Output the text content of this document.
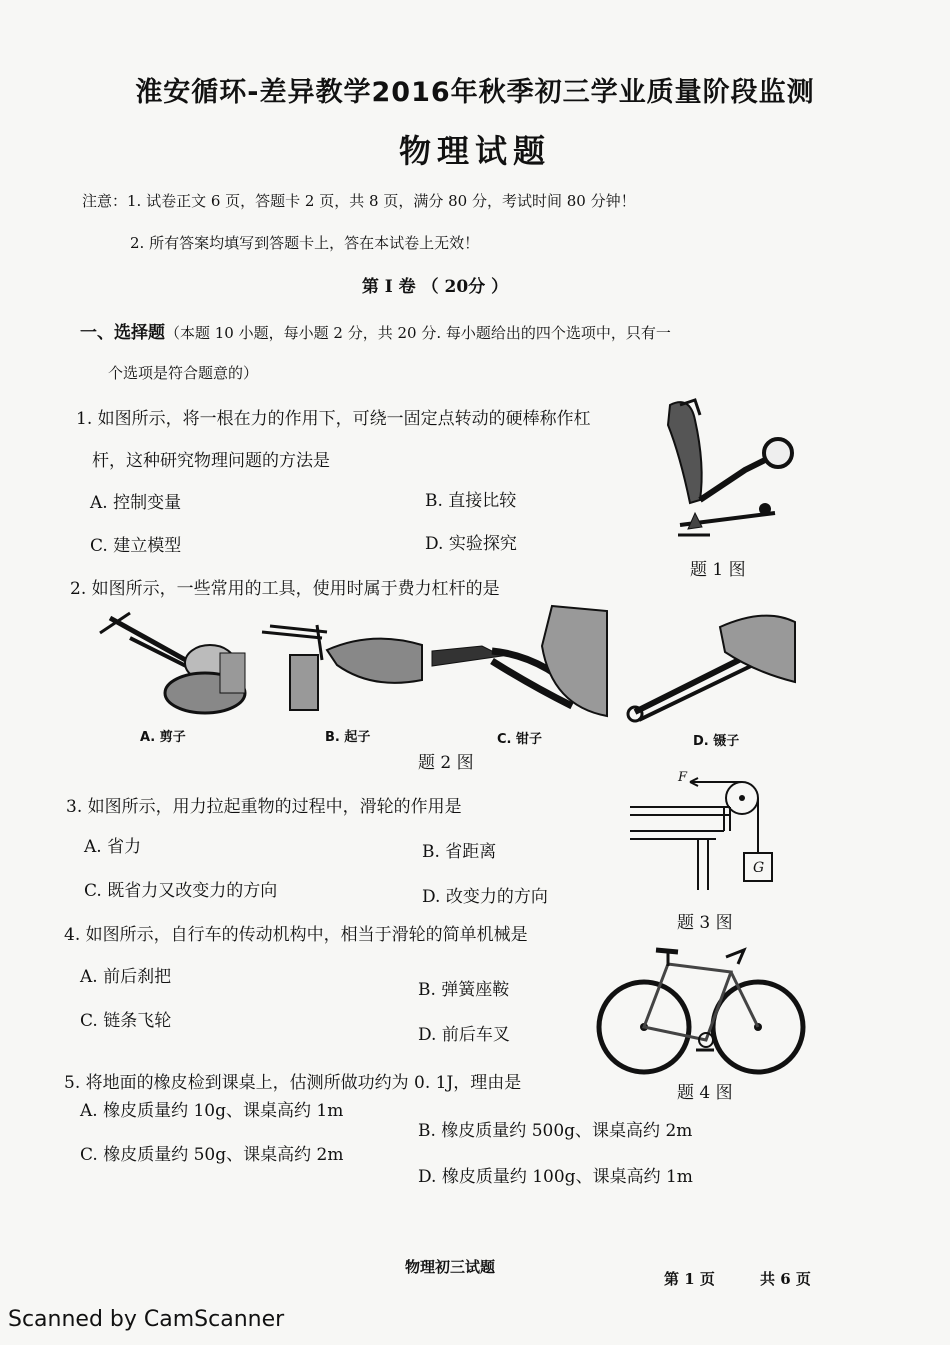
淮安循环-差异教学2016年秋季初三学业质量阶段监测
物理试题
注意：1. 试卷正文 6 页，答题卡 2 页，共 8 页，满分 80 分，考试时间 80 分钟！
2. 所有答案均填写到答题卡上，答在本试卷上无效！
第 I 卷 （ 20分 ）
一、选择题（本题 10 小题，每小题 2 分，共 20 分. 每小题给出的四个选项中，只有一
个选项是符合题意的）
1. 如图所示，将一根在力的作用下，可绕一固定点转动的硬棒称作杠
杆，这种研究物理问题的方法是
A. 控制变量	B. 直接比较
C. 建立模型	D. 实验探究
题 1 图
2. 如图所示，一些常用的工具，使用时属于费力杠杆的是
A. 剪子	B. 起子	C. 钳子	D. 镊子
题 2 图
3. 如图所示，用力拉起重物的过程中，滑轮的作用是
A. 省力	B. 省距离
C. 既省力又改变力的方向	D. 改变力的方向
F
G
题 3 图
4. 如图所示，自行车的传动机构中，相当于滑轮的简单机械是
A. 前后刹把
B. 弹簧座鞍
C. 链条飞轮
D. 前后车叉
题 4 图
5. 将地面的橡皮检到课桌上，估测所做功约为 0. 1J，理由是
A. 橡皮质量约 10g、课桌高约 1m
B. 橡皮质量约 500g、课桌高约 2m
C. 橡皮质量约 50g、课桌高约 2m
D. 橡皮质量约 100g、课桌高约 1m
物理初三试题
第 1 页	共 6 页
Scanned by CamScanner
